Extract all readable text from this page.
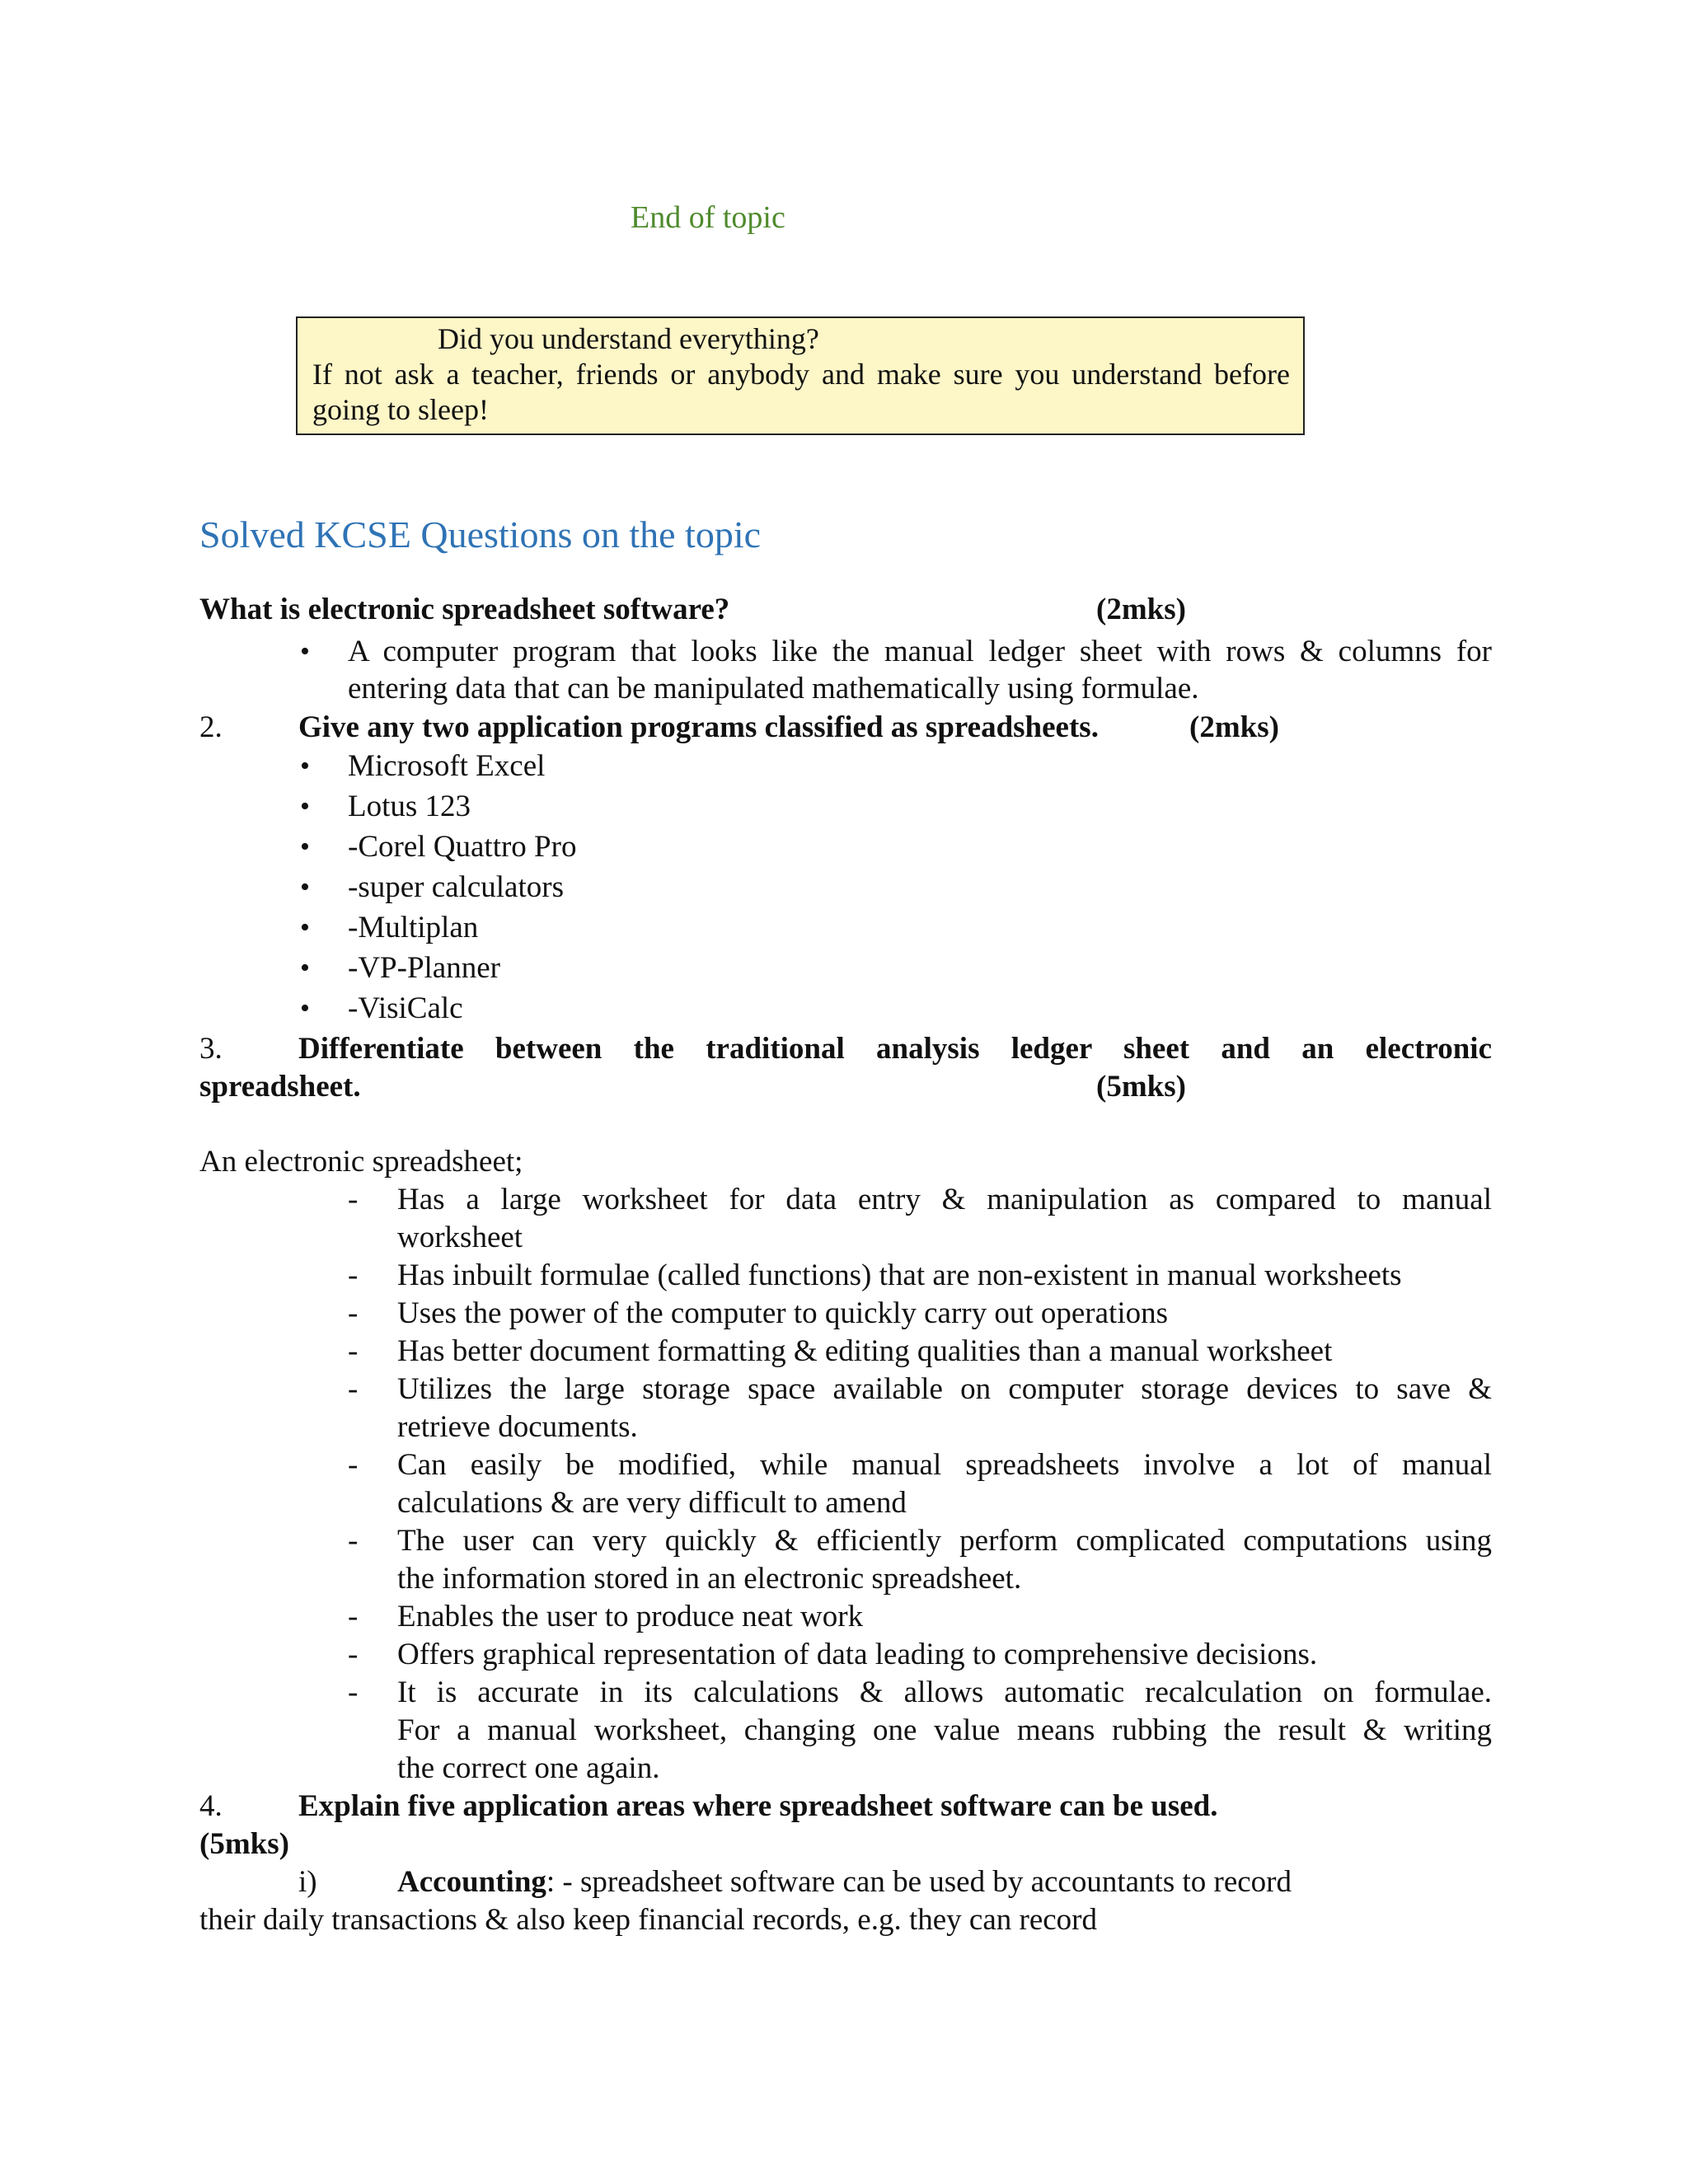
End of topic
Did you understand everything?
If not ask a teacher, friends or anybody and make sure you understand before
going to sleep!
Solved KCSE Questions on the topic
What is electronic spreadsheet software?	(2mks)
• A computer program that looks like the manual ledger sheet with rows & columns for
entering data that can be manipulated mathematically using formulae.
2. Give any two application programs classified as spreadsheets.	(2mks)
• Microsoft Excel
• Lotus 123
• -Corel Quattro Pro
• -super calculators
• -Multiplan
• -VP-Planner
• -VisiCalc
3. Differentiate between the traditional analysis ledger sheet and an electronic
spreadsheet.	(5mks)
An electronic spreadsheet;
- Has a large worksheet for data entry & manipulation as compared to manual
worksheet
- Has inbuilt formulae (called functions) that are non-existent in manual worksheets
- Uses the power of the computer to quickly carry out operations
- Has better document formatting & editing qualities than a manual worksheet
- Utilizes the large storage space available on computer storage devices to save &
retrieve documents.
- Can easily be modified, while manual spreadsheets involve a lot of manual
calculations & are very difficult to amend
- The user can very quickly & efficiently perform complicated computations using
the information stored in an electronic spreadsheet.
- Enables the user to produce neat work
- Offers graphical representation of data leading to comprehensive decisions.
- It is accurate in its calculations & allows automatic recalculation on formulae.
For a manual worksheet, changing one value means rubbing the result & writing
the correct one again.
4. Explain five application areas where spreadsheet software can be used.
(5mks)
i)	Accounting: - spreadsheet software can be used by accountants to record
their daily transactions & also keep financial records, e.g. they can record
